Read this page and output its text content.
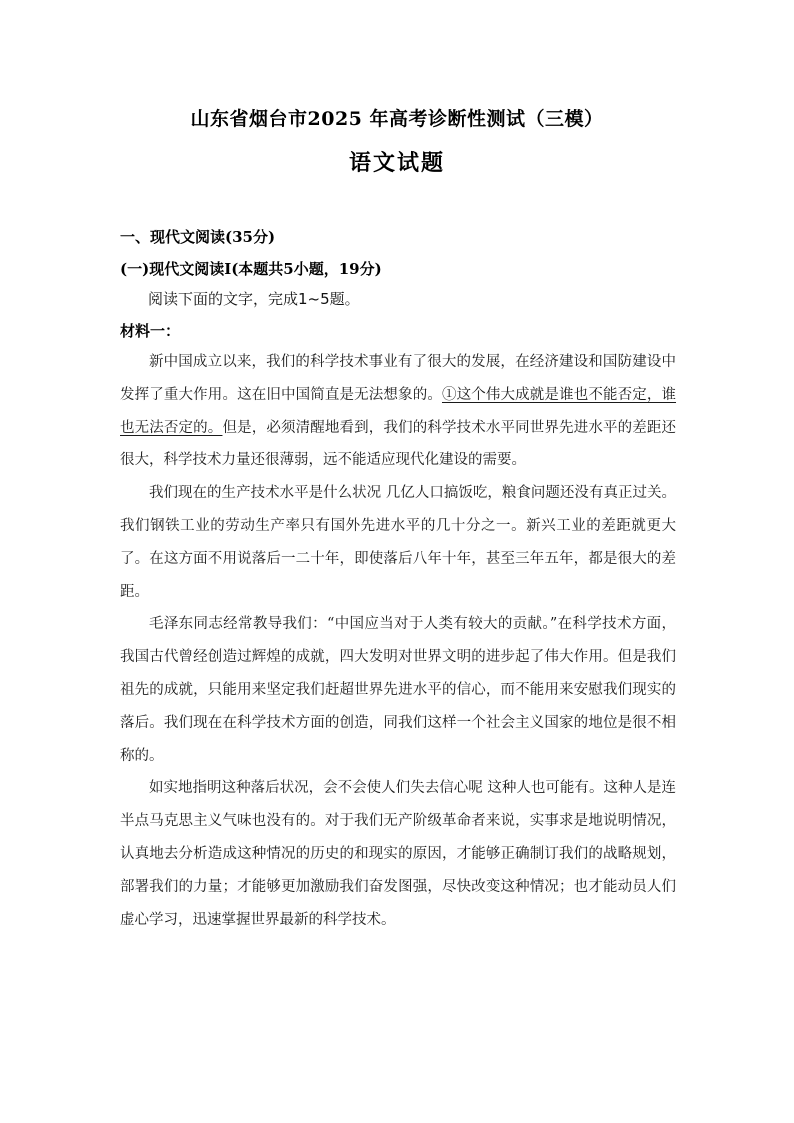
山东省烟台市2025 年高考诊断性测试（三模）
语文试题
一、现代文阅读(35分)
(一)现代文阅读Ⅰ(本题共5小题，19分)
阅读下面的文字，完成1~5题。
材料一：

新中国成立以来，我们的科学技术事业有了很大的发展，在经济建设和国防建设中发挥了重大作用。这在旧中国简直是无法想象的。①这个伟大成就是谁也不能否定，谁也无法否定的。但是，必须清醒地看到，我们的科学技术水平同世界先进水平的差距还很大，科学技术力量还很薄弱，远不能适应现代化建设的需要。

我们现在的生产技术水平是什么状况 几亿人口搞饭吃，粮食问题还没有真正过关。我们钢铁工业的劳动生产率只有国外先进水平的几十分之一。新兴工业的差距就更大了。在这方面不用说落后一二十年，即使落后八年十年，甚至三年五年，都是很大的差距。

毛泽东同志经常教导我们：“中国应当对于人类有较大的贡献。”在科学技术方面，我国古代曾经创造过辉煌的成就，四大发明对世界文明的进步起了伟大作用。但是我们祖先的成就，只能用来坚定我们赶超世界先进水平的信心，而不能用来安慰我们现实的落后。我们现在在科学技术方面的创造，同我们这样一个社会主义国家的地位是很不相称的。

如实地指明这种落后状况，会不会使人们失去信心呢 这种人也可能有。这种人是连半点马克思主义气味也没有的。对于我们无产阶级革命者来说，实事求是地说明情况，认真地去分析造成这种情况的历史的和现实的原因，才能够正确制订我们的战略规划，部署我们的力量；才能够更加激励我们奋发图强，尽快改变这种情况；也才能动员人们虚心学习，迅速掌握世界最新的科学技术。
